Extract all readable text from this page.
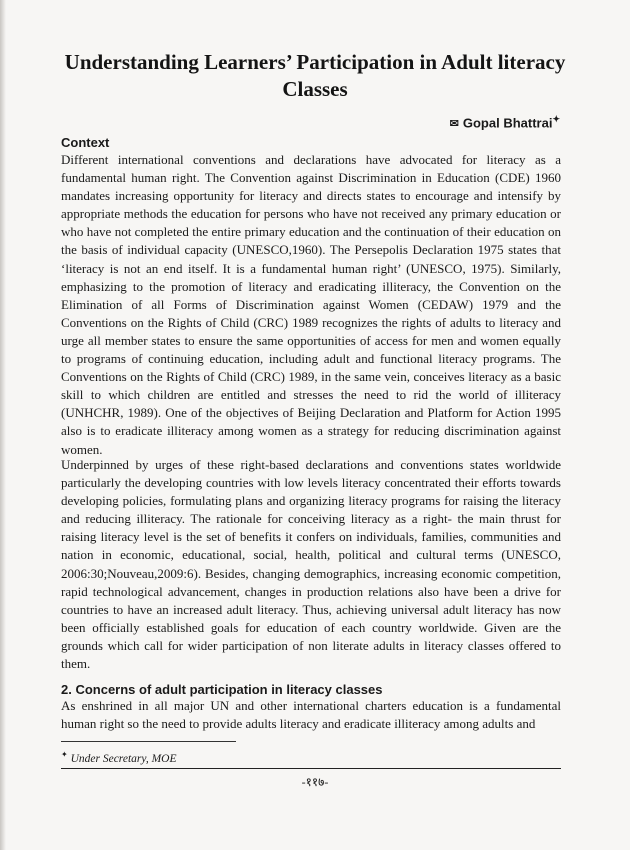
Understanding Learners’ Participation in Adult literacy Classes
✉ Gopal Bhattrai✦
Context
Different international conventions and declarations have advocated for literacy as a fundamental human right. The Convention against Discrimination in Education (CDE) 1960 mandates increasing opportunity for literacy and directs states to encourage and intensify by appropriate methods the education for persons who have not received any primary education or who have not completed the entire primary education and the continuation of their education on the basis of individual capacity (UNESCO,1960). The Persepolis Declaration 1975 states that ‘literacy is not an end itself. It is a fundamental human right’ (UNESCO, 1975). Similarly, emphasizing to the promotion of literacy and eradicating illiteracy, the Convention on the Elimination of all Forms of Discrimination against Women (CEDAW) 1979 and the Conventions on the Rights of Child (CRC) 1989 recognizes the rights of adults to literacy and urge all member states to ensure the same opportunities of access for men and women equally to programs of continuing education, including adult and functional literacy programs. The Conventions on the Rights of Child (CRC) 1989, in the same vein, conceives literacy as a basic skill to which children are entitled and stresses the need to rid the world of illiteracy (UNHCHR, 1989). One of the objectives of Beijing Declaration and Platform for Action 1995 also is to eradicate illiteracy among women as a strategy for reducing discrimination against women.
Underpinned by urges of these right-based declarations and conventions states worldwide particularly the developing countries with low levels literacy concentrated their efforts towards developing policies, formulating plans and organizing literacy programs for raising the literacy and reducing illiteracy. The rationale for conceiving literacy as a right- the main thrust for raising literacy level is the set of benefits it confers on individuals, families, communities and nation in economic, educational, social, health, political and cultural terms (UNESCO, 2006:30;Nouveau,2009:6). Besides, changing demographics, increasing economic competition, rapid technological advancement, changes in production relations also have been a drive for countries to have an increased adult literacy. Thus, achieving universal adult literacy has now been officially established goals for education of each country worldwide. Given are the grounds which call for wider participation of non literate adults in literacy classes offered to them.
2. Concerns of adult participation in literacy classes
As enshrined in all major UN and other international charters education is a fundamental human right so the need to provide adults literacy and eradicate illiteracy among adults and
✦ Under Secretary, MOE
-११७-
